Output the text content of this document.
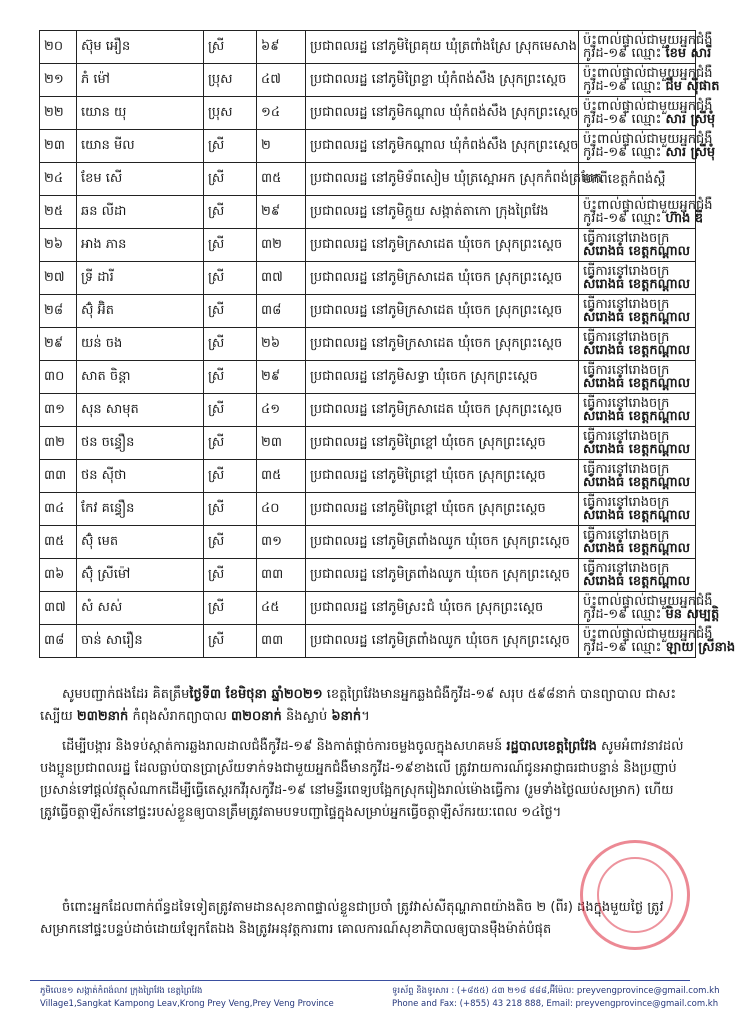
២០	ស៊ុម អឿន	ស្រី	៦៩	ប្រជាពលរដ្ឋ នៅភូមិព្រៃគុយ ឃុំត្រពាំងស្រែ ស្រុកមេសាង	ប៉ះពាល់ផ្ទាល់ជាមួយអ្នកជំងឺ
កូវីដ-១៩ ឈ្មោះ ខែម សារី

២១	ភំ ម៉ៅ	ប្រុស	៤៧	ប្រជាពលរដ្ឋ នៅភូមិព្រៃខ្លា ឃុំកំពង់សឹង ស្រុកព្រះស្តេច	ប៉ះពាល់ផ្ទាល់ជាមួយអ្នកជំងឺ
កូវីដ-១៩ ឈ្មោះ ជឹម ស៊ីផាត

២២	យោន យុ	ប្រុស	១៤	ប្រជាពលរដ្ឋ នៅភូមិកណ្តាល ឃុំកំពង់សឹង ស្រុកព្រះស្តេច	ប៉ះពាល់ផ្ទាល់ជាមួយអ្នកជំងឺ
កូវីដ-១៩ ឈ្មោះ សារ ស្រីមុំ

២៣	យោន មីល	ស្រី	២	ប្រជាពលរដ្ឋ នៅភូមិកណ្តាល ឃុំកំពង់សឹង ស្រុកព្រះស្តេច	ប៉ះពាល់ផ្ទាល់ជាមួយអ្នកជំងឺ
កូវីដ-១៩ ឈ្មោះ សារ ស្រីមុំ

២៤	ខែម សើ	ស្រី	៣៥	ប្រជាពលរដ្ឋ នៅភូមិទ័ពសៀម ឃុំត្រស្អោអក ស្រុកកំពង់ត្របែក	មកពីខេត្តកំពង់ស្ពឺ

២៥	ឆន លីដា	ស្រី	២៩	ប្រជាពលរដ្ឋ នៅភូមិក្ដួយ សង្កាត់តាកោ ក្រុងព្រៃវែង	ប៉ះពាល់ផ្ទាល់ជាមួយអ្នកជំងឺ
កូវីដ-១៩ ឈ្មោះ ហ៊ាង ឌី

២៦	អាង ភាន	ស្រី	៣២	ប្រជាពលរដ្ឋ នៅភូមិក្រសាដេត ឃុំចេក ស្រុកព្រះស្តេច	ធ្វើការនៅរោងចក្រ
សំរោងធំ ខេត្តកណ្តាល

២៧	ទ្រី ដារី	ស្រី	៣៧	ប្រជាពលរដ្ឋ នៅភូមិក្រសាដេត ឃុំចេក ស្រុកព្រះស្តេច	ធ្វើការនៅរោងចក្រ
សំរោងធំ ខេត្តកណ្តាល

២៨	ស៊ុំ អ៊ិត	ស្រី	៣៨	ប្រជាពលរដ្ឋ នៅភូមិក្រសាដេត ឃុំចេក ស្រុកព្រះស្តេច	ធ្វើការនៅរោងចក្រ
សំរោងធំ ខេត្តកណ្តាល

២៩	យន់ ចង	ស្រី	២៦	ប្រជាពលរដ្ឋ នៅភូមិក្រសាដេត ឃុំចេក ស្រុកព្រះស្តេច	ធ្វើការនៅរោងចក្រ
សំរោងធំ ខេត្តកណ្តាល

៣០	សាត ចិន្តា	ស្រី	២៩	ប្រជាពលរដ្ឋ នៅភូមិសទ្វា ឃុំចេក ស្រុកព្រះស្តេច	ធ្វើការនៅរោងចក្រ
សំរោងធំ ខេត្តកណ្តាល

៣១	សុន សាមុត	ស្រី	៤១	ប្រជាពលរដ្ឋ នៅភូមិក្រសាដេត ឃុំចេក ស្រុកព្រះស្តេច	ធ្វើការនៅរោងចក្រ
សំរោងធំ ខេត្តកណ្តាល

៣២	ថន ចន្ធឿន	ស្រី	២៣	ប្រជាពលរដ្ឋ នៅភូមិព្រៃខ្ពៅ ឃុំចេក ស្រុកព្រះស្តេច	ធ្វើការនៅរោងចក្រ
សំរោងធំ ខេត្តកណ្តាល

៣៣	ថន ស៊ីថា	ស្រី	៣៥	ប្រជាពលរដ្ឋ នៅភូមិព្រៃខ្ពៅ ឃុំចេក ស្រុកព្រះស្តេច	ធ្វើការនៅរោងចក្រ
សំរោងធំ ខេត្តកណ្តាល

៣៤	កែវ គន្ធឿន	ស្រី	៤០	ប្រជាពលរដ្ឋ នៅភូមិព្រៃខ្ពៅ ឃុំចេក ស្រុកព្រះស្តេច	ធ្វើការនៅរោងចក្រ
សំរោងធំ ខេត្តកណ្តាល

៣៥	ស៊ុំ មេត	ស្រី	៣១	ប្រជាពលរដ្ឋ នៅភូមិត្រពាំងឈូក ឃុំចេក ស្រុកព្រះស្តេច	ធ្វើការនៅរោងចក្រ
សំរោងធំ ខេត្តកណ្តាល

៣៦	ស៊ុំ ស្រីម៉ៅ	ស្រី	៣៣	ប្រជាពលរដ្ឋ នៅភូមិត្រពាំងឈូក ឃុំចេក ស្រុកព្រះស្តេច	ធ្វើការនៅរោងចក្រ
សំរោងធំ ខេត្តកណ្តាល

៣៧	សំ សស់	ស្រី	៤៥	ប្រជាពលរដ្ឋ នៅភូមិស្រះជំ ឃុំចេក ស្រុកព្រះស្តេច	ប៉ះពាល់ផ្ទាល់ជាមួយអ្នកជំងឺ
កូវីដ-១៩ ឈ្មោះ មិន សម្បត្តិ

៣៨	ចាន់ សារឿន	ស្រី	៣៣	ប្រជាពលរដ្ឋ នៅភូមិត្រពាំងឈូក ឃុំចេក ស្រុកព្រះស្តេច	ប៉ះពាល់ផ្ទាល់ជាមួយអ្នកជំងឺ
កូវីដ-១៩ ឈ្មោះ ឡាយ ស្រីនាង
សូមបញ្ជាក់ផងដែរ គិតត្រឹមថ្ងៃទី៣ ខែមិថុនា ឆ្នាំ២០២១ ខេត្តព្រៃវែងមានអ្នកឆ្លងជំងឺកូវីដ-១៩ សរុប ៥៩៨នាក់ បានព្យាបាល ជាសះស្បើយ ២៣២នាក់ កំពុងសំរាកព្យាបាល ៣២០នាក់ និងស្លាប់ ៦នាក់។
ដើម្បីបង្ការ និងទប់ស្កាត់ការឆ្លងរាលដាលជំងឺកូវីដ-១៩ និងកាត់ផ្តាច់ការចម្លងចូលក្នុងសហគមន៍ រដ្ឋបាលខេត្តព្រៃវែង សូមអំពាវនាវដល់ បងប្អូនប្រជាពលរដ្ឋ ដែលធ្លាប់បានប្រាស្រ័យទាក់ទងជាមួយអ្នកជំងឺមានកូវីដ-១៩ខាងលើ ត្រូវរាយការណ៍ជូនអាជ្ញាធរជាបន្ទាន់ និងប្រញាប់ប្រសាន់ទៅផ្តល់វត្ថុសំណាកដើម្បីធ្វើតេស្តរកវីរុសកូវីដ-១៩ នៅមន្ទីរពេទ្យបង្អែកស្រុករៀងរាល់ម៉ោងធ្វើការ (រួមទាំងថ្ងៃឈប់សម្រាក) ហើយត្រូវធ្វើចត្តាឡីស័កនៅផ្ទះរបស់ខ្លួនឲ្យបានត្រឹមត្រូវតាមបទបញ្ជាផ្ទៃក្នុងសម្រាប់អ្នកធ្វើចត្តាឡីស័ករយៈពេល ១៤ថ្ងៃ។
ចំពោះអ្នកដែលពាក់ព័ន្ធដទៃទៀតត្រូវតាមដានសុខភាពផ្ទាល់ខ្លួនជាប្រចាំ ត្រូវវាស់សីតុណ្ហភាពយ៉ាងតិច ២ (ពីរ) ដងក្នុងមួយថ្ងៃ ត្រូវសម្រាកនៅផ្ទះបន្ទប់ដាច់ដោយឡែកតែឯង និងត្រូវអនុវត្តការពារ គោលការណ៍សុខាភិបាលឲ្យបានម៉ឺងម៉ាត់បំផុត
ភូមិលេខ១ សង្កាត់កំពង់លាវ ក្រុងព្រៃវែង ខេត្តព្រៃវែង
Village1,Sangkat Kampong Leav,Krong Prey Veng,Prey Veng Province
ទូរស័ព្ទ និងទូរសារ : (+៨៥៥) ៤៣ ២១៨ ៨៨៨,អ៊ីម៉ែល: preyvengprovince@gmail.com.kh
Phone and Fax: (+855) 43 218 888, Email: preyvengprovince@gmail.com.kh
